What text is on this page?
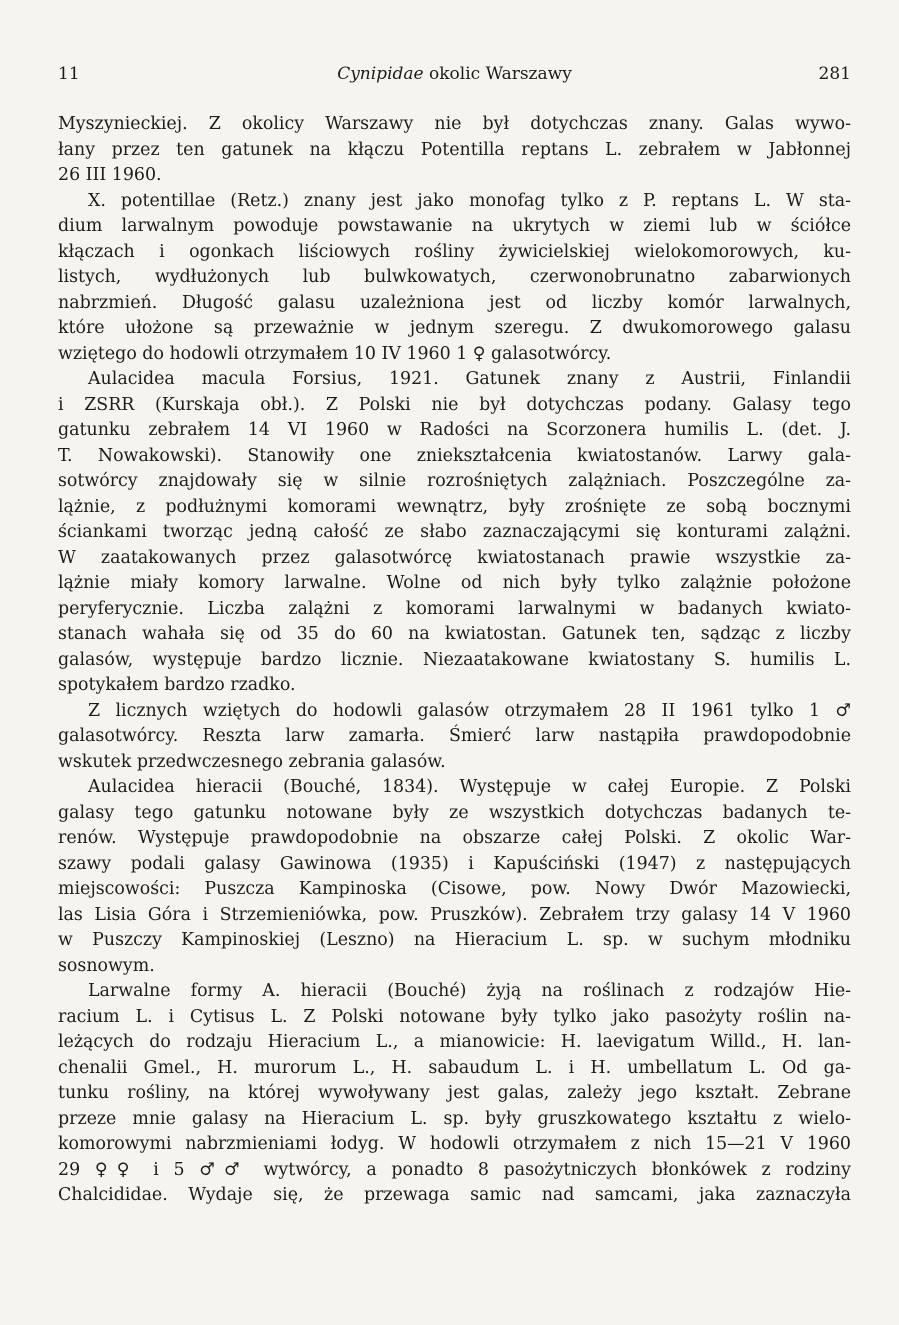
11	Cynipidae okolic Warszawy	281
Myszynieckiej. Z okolicy Warszawy nie był dotychczas znany. Galas wywo-
łany przez ten gatunek na kłączu Potentilla reptans L. zebrałem w Jabłonnej
26 III 1960.
X. potentillae (Retz.) znany jest jako monofag tylko z P. reptans L. W sta-
dium larwalnym powoduje powstawanie na ukrytych w ziemi lub w ściółce
kłączach i ogonkach liściowych rośliny żywicielskiej wielokomorowych, ku-
listych, wydłużonych lub bulwkowatych, czerwonobrunatno zabarwionych
nabrzmień. Długość galasu uzależniona jest od liczby komór larwalnych,
które ułożone są przeważnie w jednym szeregu. Z dwukomorowego galasu
wziętego do hodowli otrzymałem 10 IV 1960 1 ♀ galasotwórcy.
Aulacidea macula Forsius, 1921. Gatunek znany z Austrii, Finlandii
i ZSRR (Kurskaja obł.). Z Polski nie był dotychczas podany. Galasy tego
gatunku zebrałem 14 VI 1960 w Radości na Scorzonera humilis L. (det. J.
T. Nowakowski). Stanowiły one zniekształcenia kwiatostanów. Larwy gala-
sotwórcy znajdowały się w silnie rozrośniętych zalążniach. Poszczególne za-
lążnie, z podłużnymi komorami wewnątrz, były zrośnięte ze sobą bocznymi
ściankami tworząc jedną całość ze słabo zaznaczającymi się konturami zalążni.
W zaatakowanych przez galasotwórcę kwiatostanach prawie wszystkie za-
lążnie miały komory larwalne. Wolne od nich były tylko zalążnie położone
peryferycznie. Liczba zalążni z komorami larwalnymi w badanych kwiato-
stanach wahała się od 35 do 60 na kwiatostan. Gatunek ten, sądząc z liczby
galasów, występuje bardzo licznie. Niezaatakowane kwiatostany S. humilis L.
spotykałem bardzo rzadko.
Z licznych wziętych do hodowli galasów otrzymałem 28 II 1961 tylko 1 ♂
galasotwórcy. Reszta larw zamarła. Śmierć larw nastąpiła prawdopodobnie
wskutek przedwczesnego zebrania galasów.
Aulacidea hieracii (Bouché, 1834). Występuje w całej Europie. Z Polski
galasy tego gatunku notowane były ze wszystkich dotychczas badanych te-
renów. Występuje prawdopodobnie na obszarze całej Polski. Z okolic War-
szawy podali galasy Gawinowa (1935) i Kapuściński (1947) z następujących
miejscowości: Puszcza Kampinoska (Cisowe, pow. Nowy Dwór Mazowiecki,
las Lisia Góra i Strzemieniówka, pow. Pruszków). Zebrałem trzy galasy 14 V 1960
w Puszczy Kampinoskiej (Leszno) na Hieracium L. sp. w suchym młodniku
sosnowym.
Larwalne formy A. hieracii (Bouché) żyją na roślinach z rodzajów Hie-
racium L. i Cytisus L. Z Polski notowane były tylko jako pasożyty roślin na-
leżących do rodzaju Hieracium L., a mianowicie: H. laevigatum Willd., H. lan-
chenalii Gmel., H. murorum L., H. sabaudum L. i H. umbellatum L. Od ga-
tunku rośliny, na której wywoływany jest galas, zależy jego kształt. Zebrane
przeze mnie galasy na Hieracium L. sp. były gruszkowatego kształtu z wielo-
komorowymi nabrzmieniami łodyg. W hodowli otrzymałem z nich 15—21 V 1960
29 ♀♀ i 5 ♂♂ wytwórcy, a ponadto 8 pasożytniczych błonkówek z rodziny
Chalcididae. Wydaje się, że przewaga samic nad samcami, jaka zaznaczyła
